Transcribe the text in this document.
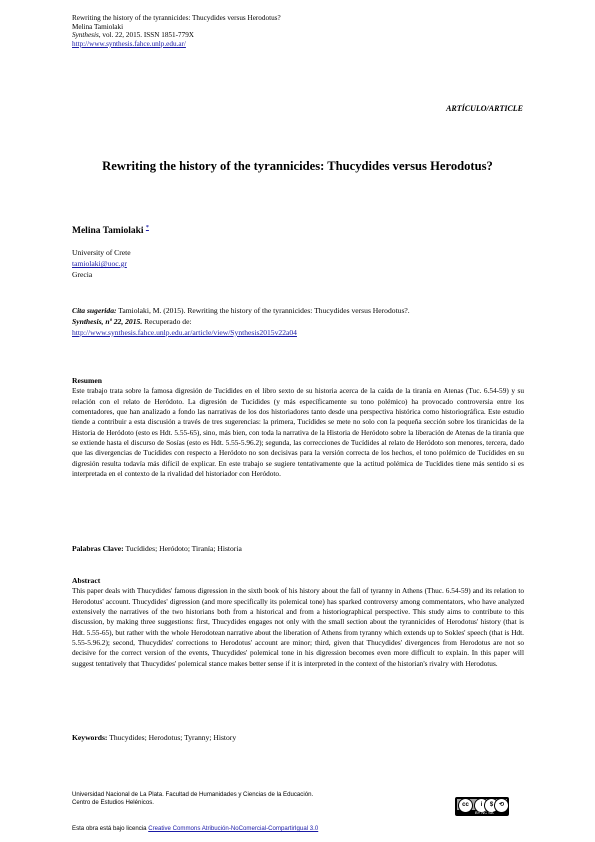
Rewriting the history of the tyrannicides: Thucydides versus Herodotus?
Melina Tamiolaki
Synthesis, vol. 22, 2015. ISSN 1851-779X
http://www.synthesis.fahce.unlp.edu.ar/
ARTÍCULO/ARTICLE
Rewriting the history of the tyrannicides: Thucydides versus Herodotus?
Melina Tamiolaki *
University of Crete
tamiolaki@uoc.gr
Grecia
Cita sugerida: Tamiolaki, M. (2015). Rewriting the history of the tyrannicides: Thucydides versus Herodotus?.
Synthesis, nº 22, 2015. Recuperado de:
http://www.synthesis.fahce.unlp.edu.ar/article/view/Synthesis2015v22a04
Resumen
Este trabajo trata sobre la famosa digresión de Tucídides en el libro sexto de su historia acerca de la caída de la tiranía en Atenas (Tuc. 6.54-59) y su relación con el relato de Heródoto. La digresión de Tucídides (y más específicamente su tono polémico) ha provocado controversia entre los comentadores, que han analizado a fondo las narrativas de los dos historiadores tanto desde una perspectiva histórica como historiográfica. Este estudio tiende a contribuir a esta discusión a través de tres sugerencias: la primera, Tucídides se mete no solo con la pequeña sección sobre los tiranicidas de la Historia de Heródoto (esto es Hdt. 5.55-65), sino, más bien, con toda la narrativa de la Historia de Heródoto sobre la liberación de Atenas de la tiranía que se extiende hasta el discurso de Sosías (esto es Hdt. 5.55-5.96.2); segunda, las correcciones de Tucídides al relato de Heródoto son menores, tercera, dado que las divergencias de Tucídides con respecto a Heródoto no son decisivas para la versión correcta de los hechos, el tono polémico de Tucídides en su digresión resulta todavía más difícil de explicar. En este trabajo se sugiere tentativamente que la actitud polémica de Tucídides tiene más sentido si es interpretada en el contexto de la rivalidad del historiador con Heródoto.
Palabras Clave: Tucídides; Heródoto; Tiranía; Historia
Abstract
This paper deals with Thucydides' famous digression in the sixth book of his history about the fall of tyranny in Athens (Thuc. 6.54-59) and its relation to Herodotus' account. Thucydides' digression (and more specifically its polemical tone) has sparked controversy among commentators, who have analyzed extensively the narratives of the two historians both from a historical and from a historiographical perspective. This study aims to contribute to this discussion, by making three suggestions: first, Thucydides engages not only with the small section about the tyrannicides of Herodotus' history (that is Hdt. 5.55-65), but rather with the whole Herodotean narrative about the liberation of Athens from tyranny which extends up to Sokles' speech (that is Hdt. 5.55-5.96.2); second, Thucydides' corrections to Herodotus' account are minor; third, given that Thucydides' divergences from Herodotus are not so decisive for the correct version of the events, Thucydides' polemical tone in his digression becomes even more difficult to explain. In this paper will suggest tentatively that Thucydides' polemical stance makes better sense if it is interpreted in the context of the historian's rivalry with Herodotus.
Keywords: Thucydides; Herodotus; Tyranny; History
Universidad Nacional de La Plata. Facultad de Humanidades y Ciencias de la Educación.
Centro de Estudios Helénicos.	cc	i	$ ⟲
BY NC SA
Esta obra está bajo licencia Creative Commons Atribución-NoComercial-CompartirIgual 3.0
